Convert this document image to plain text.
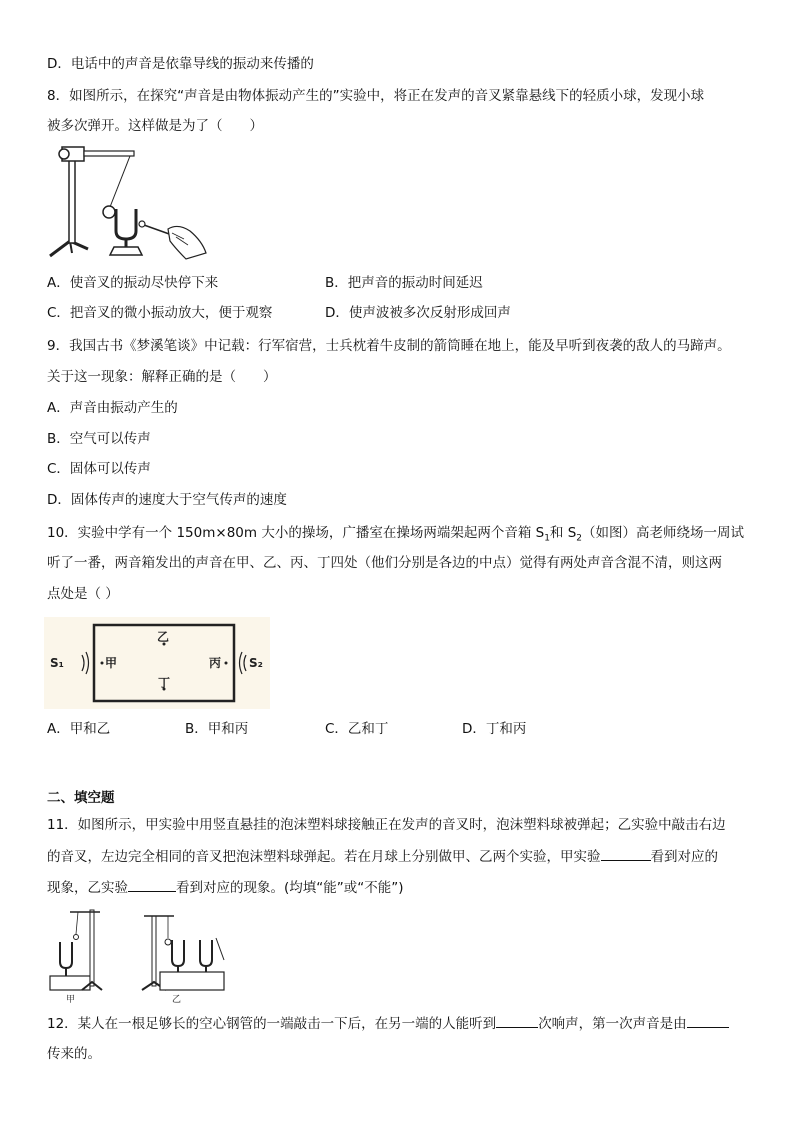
D．电话中的声音是依靠导线的振动来传播的
8．如图所示，在探究“声音是由物体振动产生的”实验中，将正在发声的音叉紧靠悬线下的轻质小球，发现小球
被多次弹开。这样做是为了（　　）
A．使音叉的振动尽快停下来	B．把声音的振动时间延迟
C．把音叉的微小振动放大，便于观察	D．使声波被多次反射形成回声
9．我国古书《梦溪笔谈》中记载：行军宿营，士兵枕着牛皮制的箭筒睡在地上，能及早听到夜袭的敌人的马蹄声。
关于这一现象：解释正确的是（　　）
A．声音由振动产生的
B．空气可以传声
C．固体可以传声
D．固体传声的速度大于空气传声的速度
10．实验中学有一个 150m×80m 大小的操场，广播室在操场两端架起两个音箱 $S_1$和 $S_2$（如图）高老师绕场一周试
听了一番，两音箱发出的声音在甲、乙、丙、丁四处（他们分别是各边的中点）觉得有两处声音含混不清，则这两
点处是（ ）
S₁	甲
乙
丙
丁
S₂
A．甲和乙	B．甲和丙	C．乙和丁	D．丁和丙
二、填空题
11．如图所示，甲实验中用竖直悬挂的泡沫塑料球接触正在发声的音叉时，泡沫塑料球被弹起；乙实验中敲击右边
的音叉，左边完全相同的音叉把泡沫塑料球弹起。若在月球上分别做甲、乙两个实验，甲实验	看到对应的
现象，乙实验	看到对应的现象。(均填“能”或“不能”)
甲	乙
12．某人在一根足够长的空心钢管的一端敲击一下后，在另一端的人能听到	次响声，第一次声音是由
传来的。
